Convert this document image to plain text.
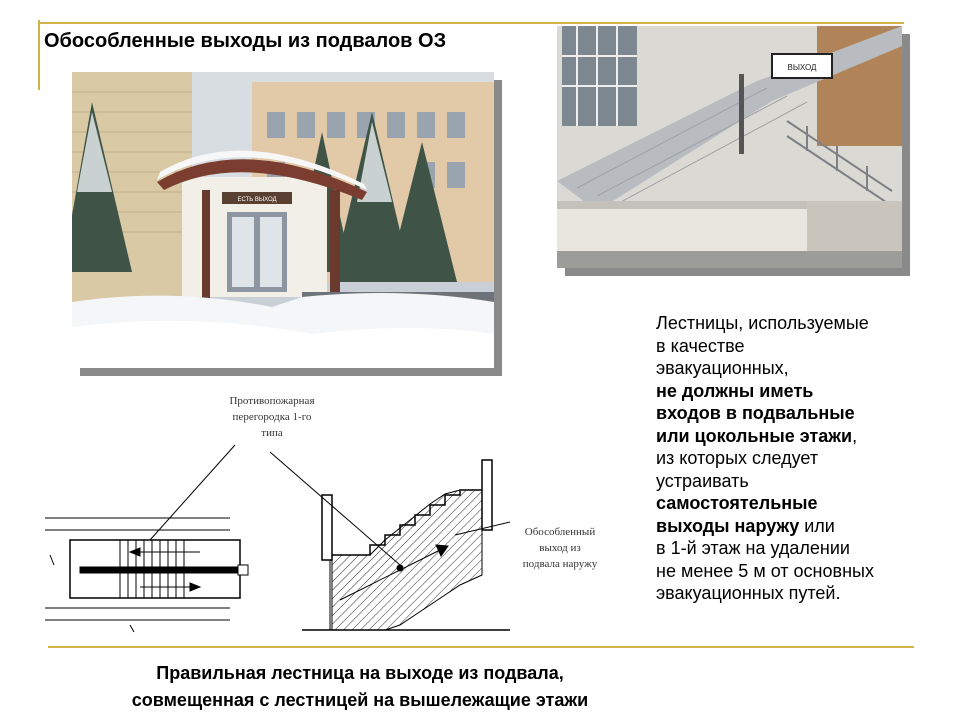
Обособленные выходы из подвалов ОЗ
ЕСТЬ ВЫХОД
ВЫХОД
Лестницы, используемые
в качестве
эвакуационных,
не должны иметь
входов в подвальные
или цокольные этажи,
из которых следует
устраивать
самостоятельные
выходы наружу или
в 1-й этаж на удалении
не менее 5 м от основных
эвакуационных путей.
Противопожарная
перегородка 1-го
типа
Обособленный
выход из
подвала наружу
Правильная лестница на выходе из подвала,
совмещенная с лестницей на вышележащие этажи
